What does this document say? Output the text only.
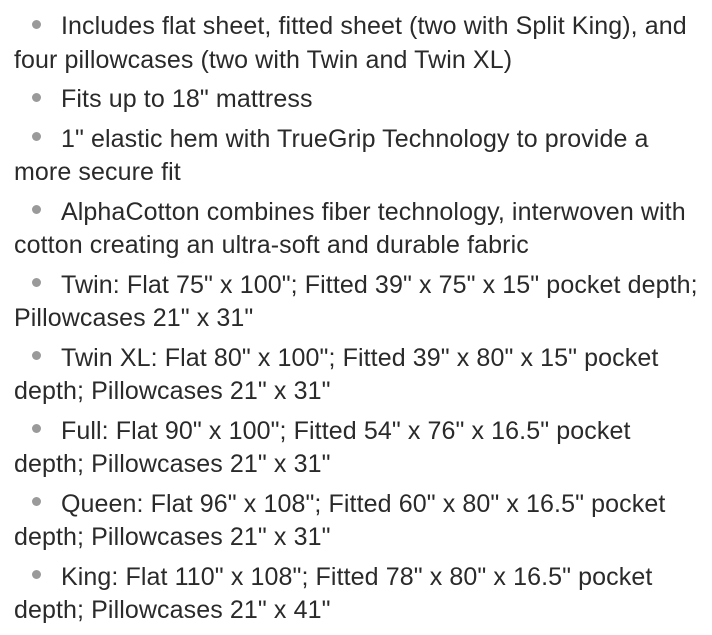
Includes flat sheet, fitted sheet (two with Split King), and four pillowcases (two with Twin and Twin XL)
Fits up to 18" mattress
1" elastic hem with TrueGrip Technology to provide a more secure fit
AlphaCotton combines fiber technology, interwoven with cotton creating an ultra-soft and durable fabric
Twin: Flat 75" x 100"; Fitted 39" x 75" x 15" pocket depth; Pillowcases 21" x 31"
Twin XL: Flat 80" x 100"; Fitted 39" x 80" x 15" pocket depth; Pillowcases 21" x 31"
Full: Flat 90" x 100"; Fitted 54" x 76" x 16.5" pocket depth; Pillowcases 21" x 31"
Queen: Flat 96" x 108"; Fitted 60" x 80" x 16.5" pocket depth; Pillowcases 21" x 31"
King: Flat 110" x 108"; Fitted 78" x 80" x 16.5" pocket depth; Pillowcases 21" x 41"
